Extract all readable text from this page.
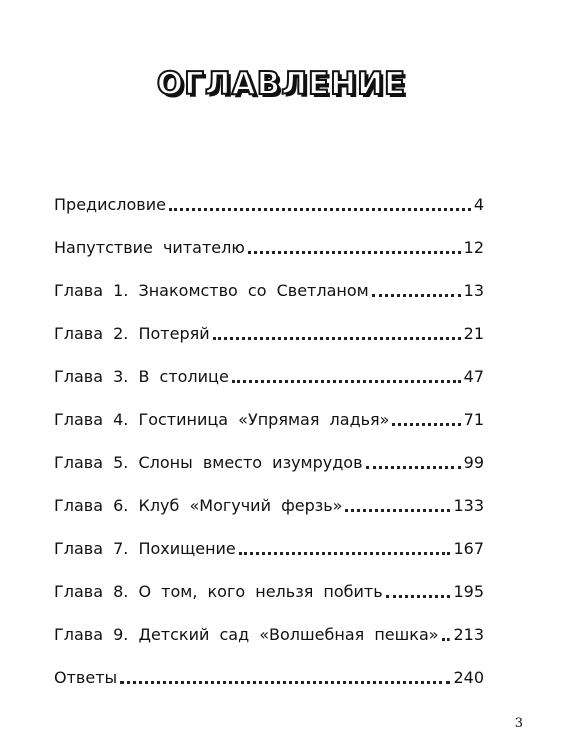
ОГЛАВЛЕНИЕ
Предисловие	4
Напутствие читателю	12
Глава 1. Знакомство со Светланом	13
Глава 2. Потеряй	21
Глава 3. В столице	47
Глава 4. Гостиница «Упрямая ладья»	71
Глава 5. Слоны вместо изумрудов	99
Глава 6. Клуб «Могучий ферзь»	133
Глава 7. Похищение	167
Глава 8. О том, кого нельзя побить	195
Глава 9. Детский сад «Волшебная пешка» 213
Ответы	240
3
